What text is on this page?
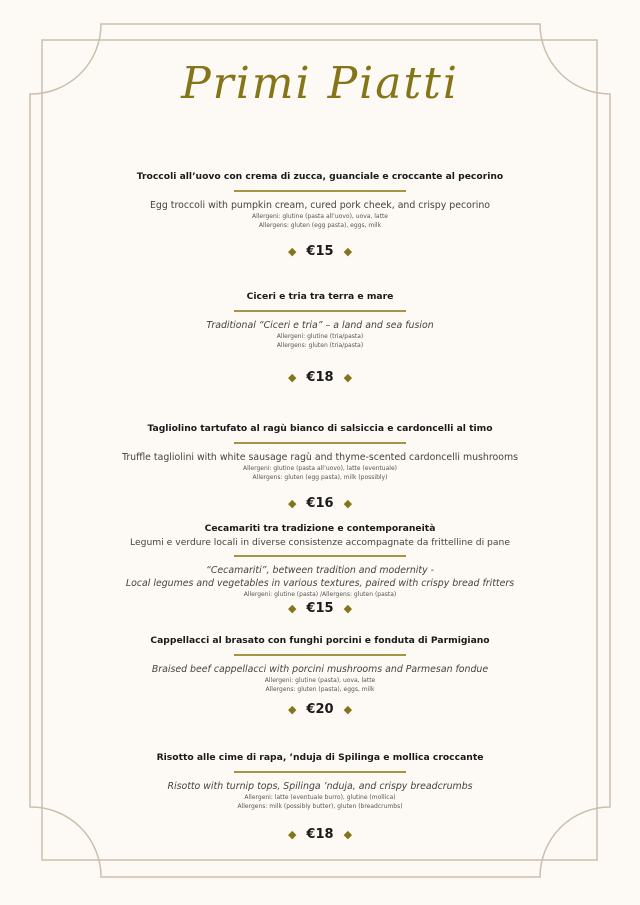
Primi Piatti
Troccoli all’uovo con crema di zucca, guanciale e croccante al pecorino
Egg troccoli with pumpkin cream, cured pork cheek, and crispy pecorino
Allergeni: glutine (pasta all’uovo), uova, latte
Allergens: gluten (egg pasta), eggs, milk
◆ €15 ◆
Ciceri e tria tra terra e mare
Traditional “Ciceri e tria” – a land and sea fusion
Allergeni: glutine (tria/pasta)
Allergens: gluten (tria/pasta)
◆ €18 ◆
Tagliolino tartufato al ragù bianco di salsiccia e cardoncelli al timo
Truffle tagliolini with white sausage ragù and thyme-scented cardoncelli mushrooms
Allergeni: glutine (pasta all’uovo), latte (eventuale)
Allergens: gluten (egg pasta), milk (possibly)
◆ €16 ◆
Cecamariti tra tradizione e contemporaneità
Legumi e verdure locali in diverse consistenze accompagnate da frittelline di pane
“Cecamariti”, between tradition and modernity -
Local legumes and vegetables in various textures, paired with crispy bread fritters
Allergeni: glutine (pasta) /Allergens: gluten (pasta)
◆ €15 ◆
Cappellacci al brasato con funghi porcini e fonduta di Parmigiano
Braised beef cappellacci with porcini mushrooms and Parmesan fondue
Allergeni: glutine (pasta), uova, latte
Allergens: gluten (pasta), eggs, milk
◆ €20 ◆
Risotto alle cime di rapa, ’nduja di Spilinga e mollica croccante
Risotto with turnip tops, Spilinga ’nduja, and crispy breadcrumbs
Allergeni: latte (eventuale burro), glutine (mollica)
Allergens: milk (possibly butter), gluten (breadcrumbs)
◆ €18 ◆
